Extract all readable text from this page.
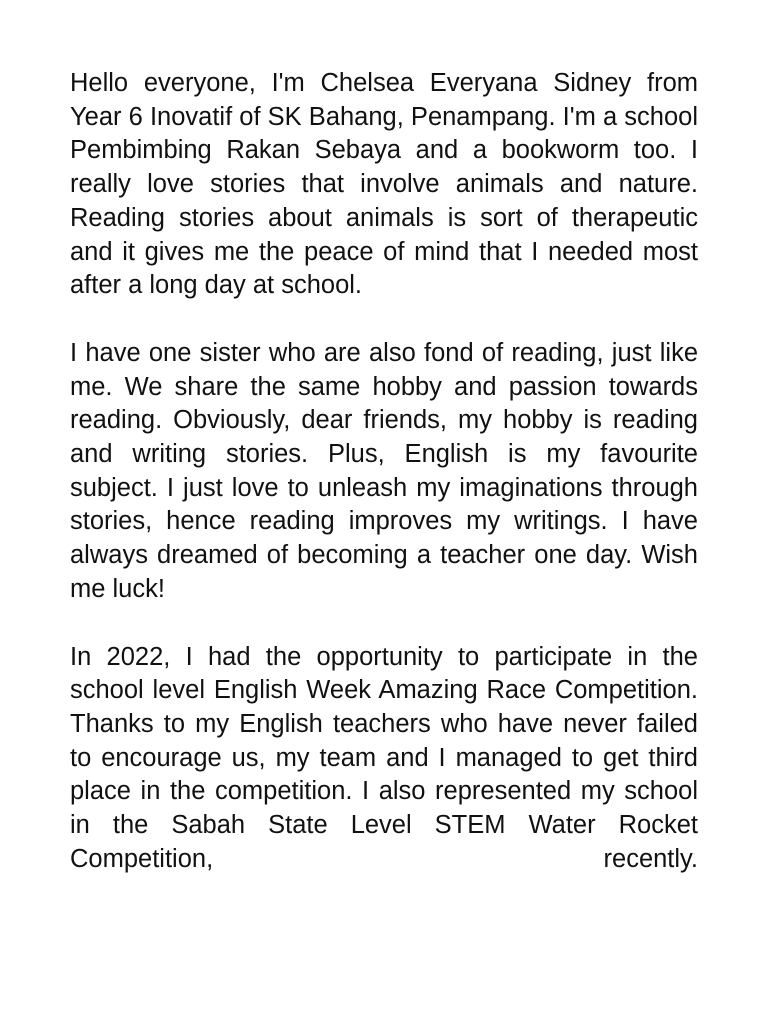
Hello everyone, I'm Chelsea Everyana Sidney from Year 6 Inovatif of SK Bahang, Penampang. I'm a school Pembimbing Rakan Sebaya and a bookworm too. I really love stories that involve animals and nature. Reading stories about animals is sort of therapeutic and it gives me the peace of mind that I needed most after a long day at school.

I have one sister who are also fond of reading, just like me. We share the same hobby and passion towards reading. Obviously, dear friends, my hobby is reading and writing stories. Plus, English is my favourite subject. I just love to unleash my imaginations through stories, hence reading improves my writings. I have always dreamed of becoming a teacher one day. Wish me luck!

In 2022, I had the opportunity to participate in the school level English Week Amazing Race Competition. Thanks to my English teachers who have never failed to encourage us, my team and I managed to get third place in the competition. I also represented my school in the Sabah State Level STEM Water Rocket Competition, recently.
